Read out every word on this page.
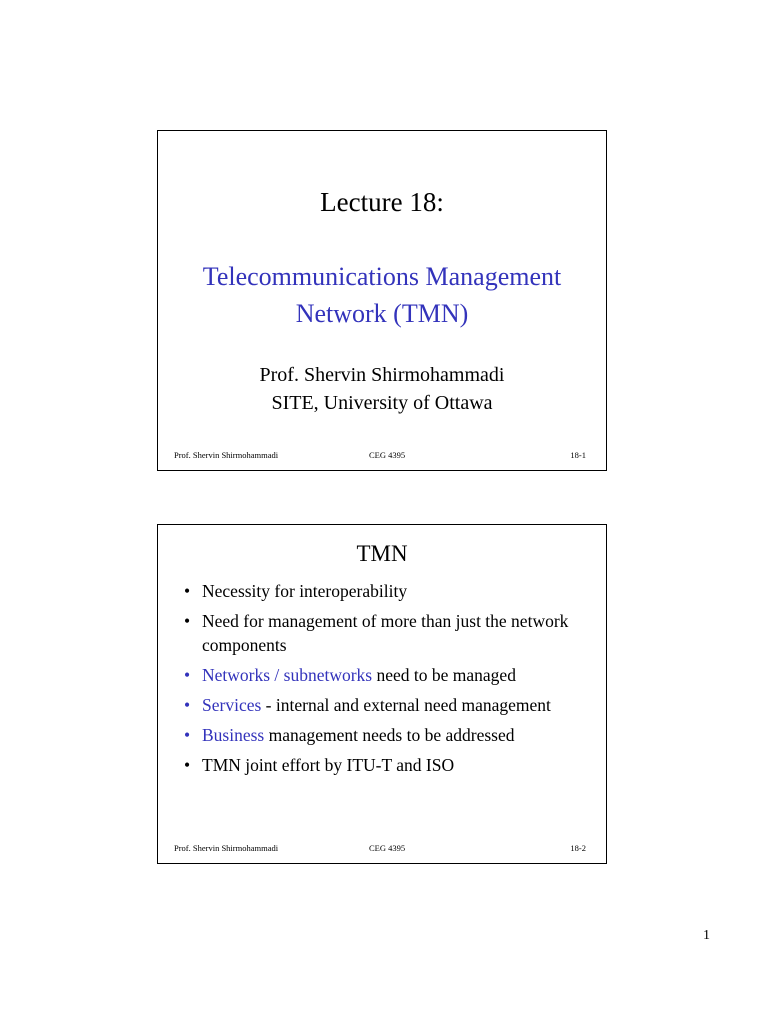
Lecture 18:
Telecommunications Management
Network (TMN)
Prof. Shervin Shirmohammadi
SITE, University of Ottawa
Prof. Shervin Shirmohammadi	CEG 4395	18-1
TMN
• Necessity for interoperability
• Need for management of more than just the network components
• Networks / subnetworks need to be managed
• Services - internal and external need management
• Business management needs to be addressed
• TMN joint effort by ITU-T and ISO
Prof. Shervin Shirmohammadi	CEG 4395	18-2
1
